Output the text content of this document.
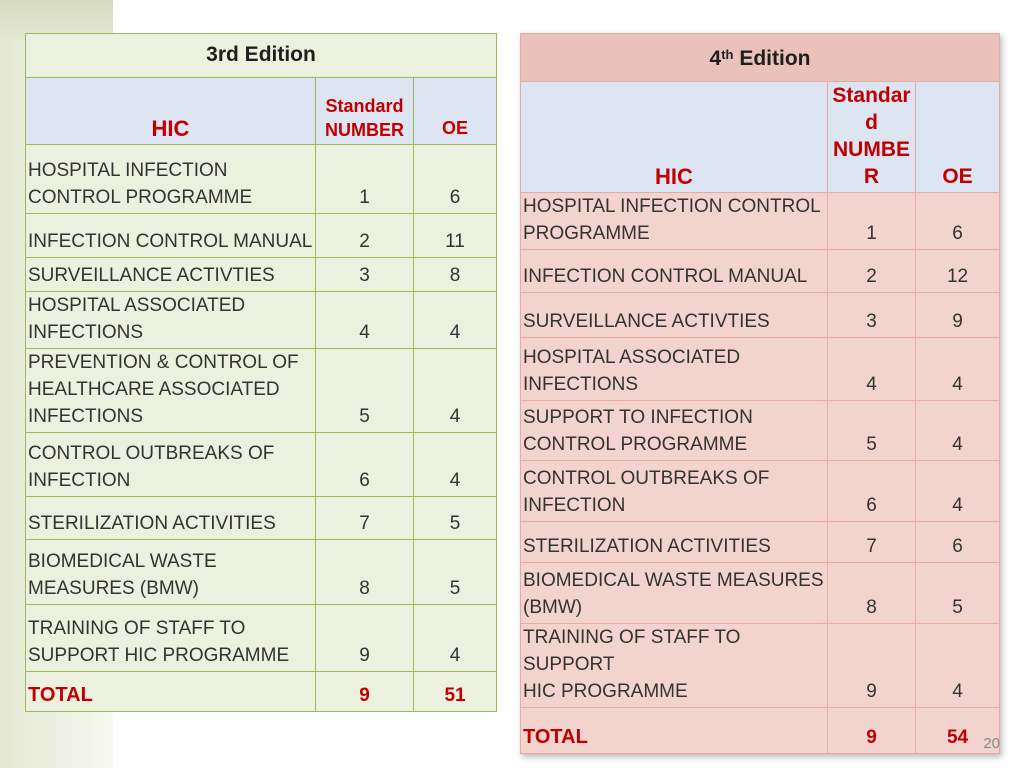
3rd Edition		
HIC	Standard
NUMBER	OE

HOSPITAL INFECTION
CONTROL PROGRAMME	1	6

INFECTION CONTROL MANUAL	2	11

SURVEILLANCE ACTIVTIES	3	8

HOSPITAL ASSOCIATED
INFECTIONS	4	4

PREVENTION & CONTROL OF
HEALTHCARE ASSOCIATED
INFECTIONS	5	4

CONTROL OUTBREAKS OF
INFECTION	6	4

STERILIZATION ACTIVITIES	7	5

BIOMEDICAL WASTE
MEASURES (BMW)	8	5

TRAINING OF STAFF TO
SUPPORT HIC PROGRAMME	9	4
TOTAL	9	51
4th Edition		
HIC	Standar
d
NUMBE
R	OE

HOSPITAL INFECTION CONTROL
PROGRAMME	1	6

INFECTION CONTROL MANUAL	2	12

SURVEILLANCE ACTIVTIES	3	9

HOSPITAL ASSOCIATED
INFECTIONS	4	4

SUPPORT TO INFECTION
CONTROL PROGRAMME	5	4

CONTROL OUTBREAKS OF
INFECTION	6	4

STERILIZATION ACTIVITIES	7	6

BIOMEDICAL WASTE MEASURES
(BMW)	8	5

TRAINING OF STAFF TO SUPPORT
HIC PROGRAMME	9	4
TOTAL	9	54 20
